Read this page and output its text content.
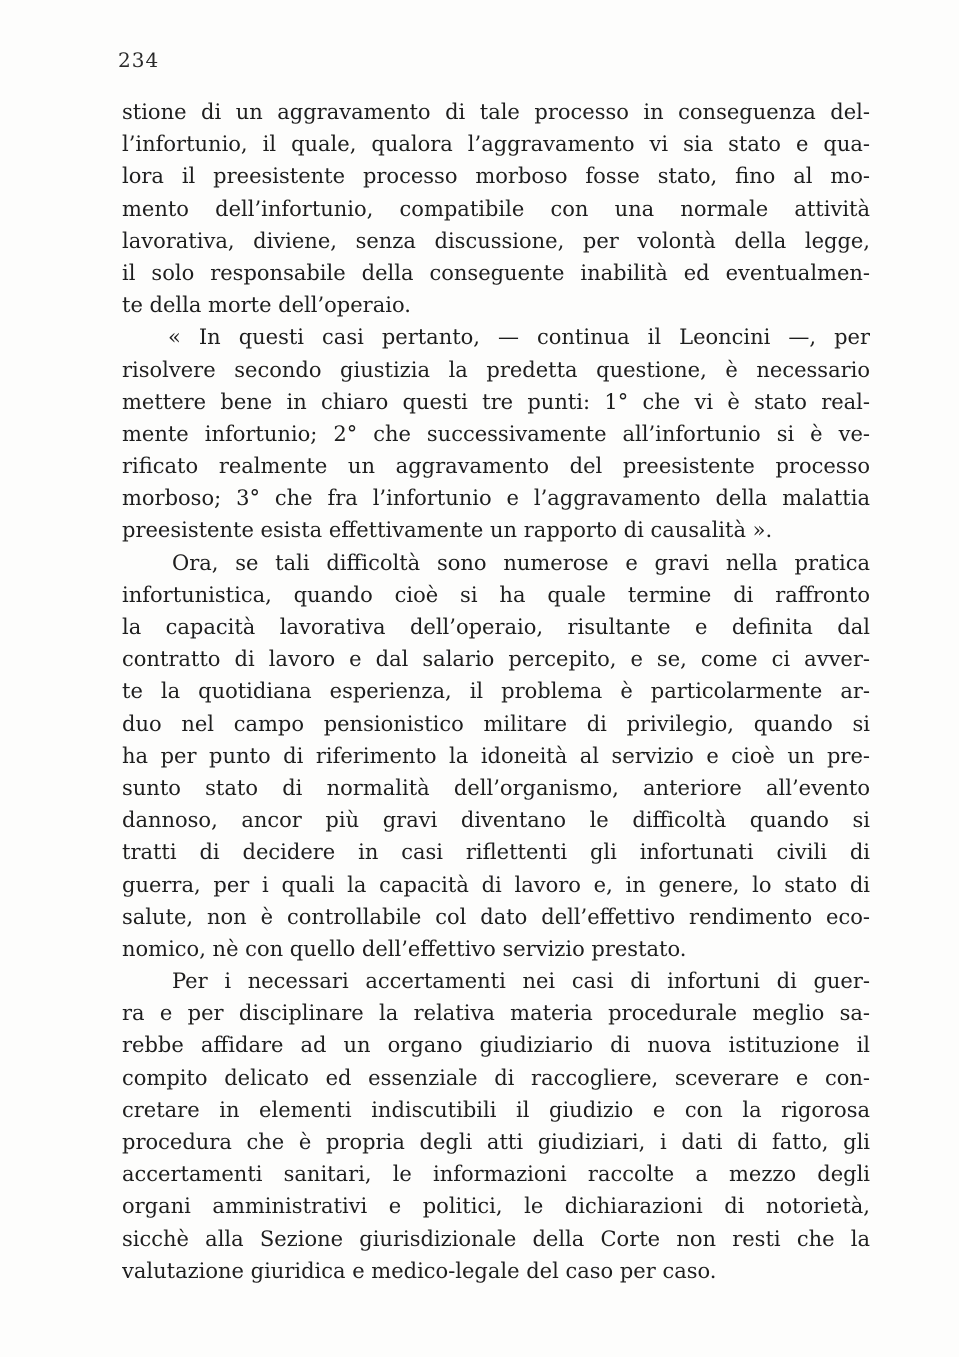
234
stione di un aggravamento di tale processo in conseguenza del-
l’infortunio, il quale, qualora l’aggravamento vi sia stato e qua-
lora il preesistente processo morboso fosse stato, fino al mo-
mento dell’infortunio, compatibile con una normale attività
lavorativa, diviene, senza discussione, per volontà della legge,
il solo responsabile della conseguente inabilità ed eventualmen-
te della morte dell’operaio.
« In questi casi pertanto, — continua il Leoncini —, per
risolvere secondo giustizia la predetta questione, è necessario
mettere bene in chiaro questi tre punti: 1° che vi è stato real-
mente infortunio; 2° che successivamente all’infortunio si è ve-
rificato realmente un aggravamento del preesistente processo
morboso; 3° che fra l’infortunio e l’aggravamento della malattia
preesistente esista effettivamente un rapporto di causalità ».
Ora, se tali difficoltà sono numerose e gravi nella pratica
infortunistica, quando cioè si ha quale termine di raffronto
la capacità lavorativa dell’operaio, risultante e definita dal
contratto di lavoro e dal salario percepito, e se, come ci avver-
te la quotidiana esperienza, il problema è particolarmente ar-
duo nel campo pensionistico militare di privilegio, quando si
ha per punto di riferimento la idoneità al servizio e cioè un pre-
sunto stato di normalità dell’organismo, anteriore all’evento
dannoso, ancor più gravi diventano le difficoltà quando si
tratti di decidere in casi riflettenti gli infortunati civili di
guerra, per i quali la capacità di lavoro e, in genere, lo stato di
salute, non è controllabile col dato dell’effettivo rendimento eco-
nomico, nè con quello dell’effettivo servizio prestato.
Per i necessari accertamenti nei casi di infortuni di guer-
ra e per disciplinare la relativa materia procedurale meglio sa-
rebbe affidare ad un organo giudiziario di nuova istituzione il
compito delicato ed essenziale di raccogliere, sceverare e con-
cretare in elementi indiscutibili il giudizio e con la rigorosa
procedura che è propria degli atti giudiziari, i dati di fatto, gli
accertamenti sanitari, le informazioni raccolte a mezzo degli
organi amministrativi e politici, le dichiarazioni di notorietà,
sicchè alla Sezione giurisdizionale della Corte non resti che la
valutazione giuridica e medico-legale del caso per caso.
